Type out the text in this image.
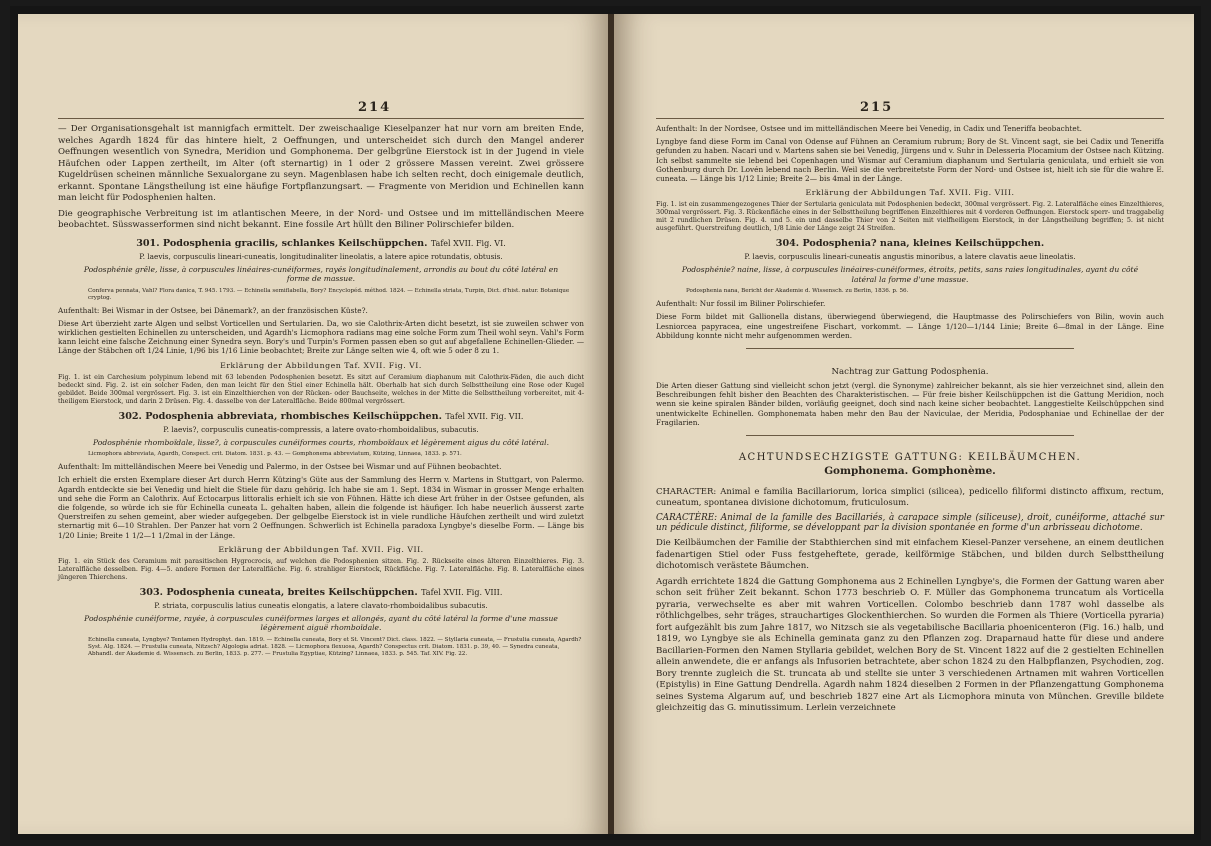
214

— Der Organisationsgehalt ist mannigfach ermittelt. Der zweischaalige Kieselpanzer hat nur vorn am breiten Ende, welches Agardh 1824 für das hintere hielt, 2 Oeffnungen, und unterscheidet sich durch den Mangel anderer Oeffnungen wesentlich von Synedra, Meridion und Gomphonema. Der gelbgrüne Eierstock ist in der Jugend in viele Häufchen oder Lappen zertheilt, im Alter (oft sternartig) in 1 oder 2 grössere Massen vereint. Zwei grössere Kugeldrüsen scheinen männliche Sexualorgane zu seyn. Magenblasen habe ich selten recht, doch einigemale deutlich, erkannt. Spontane Längstheilung ist eine häufige Fortpflanzungsart. — Fragmente von Meridion und Echinellen kann man leicht für Podosphenien halten.

Die geographische Verbreitung ist im atlantischen Meere, in der Nord- und Ostsee und im mittelländischen Meere beobachtet. Süsswasserformen sind nicht bekannt. Eine fossile Art hüllt den Biliner Polirschiefer bilden.

301. Podosphenia gracilis, schlankes Keilschüppchen. Tafel XVII. Fig. VI.

P. laevis, corpusculis lineari-cuneatis, longitudinaliter lineolatis, a latere apice rotundatis, obtusis.

Podosphénie grêle, lisse, à corpuscules linéaires-cunéiformes, rayés longitudinalement, arrondis au bout du côté latéral en forme de massue.
Conferva pennata, Vahl? Flora danica, T. 945. 1793. — Echinella semiflabella, Bory? Encyclopéd. méthod. 1824. — Echinella striata, Turpin, Dict. d'hist. natur. Botanique cryptog.

Aufenthalt: Bei Wismar in der Ostsee, bei Dänemark?, an der französischen Küste?.

Diese Art überzieht zarte Algen und selbst Vorticellen und Sertularien. Da, wo sie Calothrix-Arten dicht besetzt, ist sie zuweilen schwer von wirklichen gestielten Echinellen zu unterscheiden, und Agardh's Licmophora radians mag eine solche Form zum Theil wohl seyn. Vahl's Form kann leicht eine falsche Zeichnung einer Synedra seyn. Bory's und Turpin's Formen passen eben so gut auf abgefallene Echinellen-Glieder. — Länge der Stäbchen oft 1/24 Linie, 1/96 bis 1/16 Linie beobachtet; Breite zur Länge selten wie 4, oft wie 5 oder 8 zu 1.

Erklärung der Abbildungen Taf. XVII. Fig. VI.

Fig. 1. ist ein Carchesium polypinum lebend mit 63 lebenden Podosphenien besetzt. Es sitzt auf Ceramium diaphanum mit Calothrix-Fäden, die auch dicht bedeckt sind. Fig. 2. ist ein solcher Faden, den man leicht für den Stiel einer Echinella hält. Oberhalb hat sich durch Selbsttheilung eine Rose oder Kugel gebildet. Beide 300mal vergrössert. Fig. 3. ist ein Einzelthierchen von der Rücken- oder Bauchseite, welches in der Mitte die Selbsttheilung vorbereitet, mit 4-theiligem Eierstock, und darin 2 Drüsen. Fig. 4. dasselbe von der Lateralfläche. Beide 800mal vergrössert.

302. Podosphenia abbreviata, rhombisches Keilschüppchen. Tafel XVII. Fig. VII.

P. laevis?, corpusculis cuneatis-compressis, a latere ovato-rhomboidalibus, subacutis.

Podosphénie rhomboïdale, lisse?, à corpuscules cunéiformes courts, rhomboïdaux et légèrement aigus du côté latéral.
Licmophora abbreviata, Agardh, Conspect. crit. Diatom. 1831. p. 43. — Gomphonema abbreviatum, Kützing, Linnaea, 1833. p. 571.

Aufenthalt: Im mittelländischen Meere bei Venedig und Palermo, in der Ostsee bei Wismar und auf Fühnen beobachtet.

Ich erhielt die ersten Exemplare dieser Art durch Herrn Kützing's Güte aus der Sammlung des Herrn v. Martens in Stuttgart, von Palermo. Agardh entdeckte sie bei Venedig und hielt die Stiele für dazu gehörig. Ich habe sie am 1. Sept. 1834 in Wismar in grosser Menge erhalten und sehe die Form an Calothrix. Auf Ectocarpus littoralis erhielt ich sie von Fühnen. Hätte ich diese Art früher in der Ostsee gefunden, als die folgende, so würde ich sie für Echinella cuneata L. gehalten haben, allein die folgende ist häufiger. Ich habe neuerlich äusserst zarte Querstreifen zu sehen gemeint, aber wieder aufgegeben. Der gelbgelbe Eierstock ist in viele rundliche Häufchen zertheilt und wird zuletzt sternartig mit 6—10 Strahlen. Der Panzer hat vorn 2 Oeffnungen. Schwerlich ist Echinella paradoxa Lyngbye's dieselbe Form. — Länge bis 1/20 Linie; Breite 1 1/2—1 1/2mal in der Länge.

Erklärung der Abbildungen Taf. XVII. Fig. VII.

Fig. 1. ein Stück des Ceramium mit parasitischen Hygrocrocis, auf welchen die Podosphenien sitzen. Fig. 2. Rückseite eines älteren Einzelthieres. Fig. 3. Lateralfläche desselben. Fig. 4—5. andere Formen der Lateralfläche. Fig. 6. strahliger Eierstock, Rückfläche. Fig. 7. Lateralfläche. Fig. 8. Lateralfläche eines jüngeren Thierchens.

303. Podosphenia cuneata, breites Keilschüppchen. Tafel XVII. Fig. VIII.

P. striata, corpusculis latius cuneatis elongatis, a latere clavato-rhomboidalibus subacutis.

Podosphénie cunéiforme, rayée, à corpuscules cunéiformes larges et allongés, ayant du côté latéral la forme d'une massue légèrement aiguë rhomboïdale.
Echinella cuneata, Lyngbye? Tentamen Hydrophyt. dan. 1819. — Echinella cuneata, Bory et St. Vincent? Dict. class. 1822. — Styllaria cuneata, — Frustulia cuneata, Agardh? Syst. Alg. 1824. — Frustulia cuneata, Nitzsch? Algologia adriat. 1828. — Licmophora flexuosa, Agardh? Conspectus crit. Diatom. 1831. p. 39, 40. — Synedra cuneata, Abhandl. der Akademie d. Wissensch. zu Berlin, 1833. p. 277. — Frustulia Egyptiae, Kützing? Linnaea, 1833. p. 545. Taf. XIV. Fig. 22.
215

Aufenthalt: In der Nordsee, Ostsee und im mittelländischen Meere bei Venedig, in Cadix und Teneriffa beobachtet.

Lyngbye fand diese Form im Canal von Odense auf Fühnen an Ceramium rubrum; Bory de St. Vincent sagt, sie bei Cadix und Teneriffa gefunden zu haben. Nacari und v. Martens sahen sie bei Venedig, Jürgens und v. Suhr in Delesseria Plocamium der Ostsee nach Kützing. Ich selbst sammelte sie lebend bei Copenhagen und Wismar auf Ceramium diaphanum und Sertularia geniculata, und erhielt sie von Gothenburg durch Dr. Lovén lebend nach Berlin. Weil sie die verbreitetste Form der Nord- und Ostsee ist, hielt ich sie für die wahre E. cuneata. — Länge bis 1/12 Linie; Breite 2— bis 4mal in der Länge.

Erklärung der Abbildungen Taf. XVII. Fig. VIII.

Fig. 1. ist ein zusammengezogenes Thier der Sertularia geniculata mit Podosphenien bedeckt, 300mal vergrössert. Fig. 2. Lateralfläche eines Einzelthieres, 300mal vergrössert. Fig. 3. Rückenfläche eines in der Selbsttheilung begriffenen Einzelthieres mit 4 vorderen Oeffnungen. Eierstock sperr- und traggabelig mit 2 rundlichen Drüsen. Fig. 4. und 5. ein und dasselbe Thier von 2 Seiten mit vielfheiligem Eierstock, in der Längstheilung begriffen; 5. ist nicht ausgeführt. Querstreifung deutlich, 1/8 Linie der Länge zeigt 24 Streifen.

304. Podosphenia? nana, kleines Keilschüppchen.

P. laevis, corpusculis lineari-cuneatis angustis minoribus, a latere clavatis aeue lineolatis.

Podosphénie? naine, lisse, à corpuscules linéaires-cunéiformes, étroits, petits, sans raies longitudinales, ayant du côté latéral la forme d'une massue.
Podosphenia nana, Bericht der Akademie d. Wissensch. zu Berlin, 1836. p. 56.

Aufenthalt: Nur fossil im Biliner Polirschiefer.

Diese Form bildet mit Gallionella distans, überwiegend überwiegend, die Hauptmasse des Polirschiefers von Bilin, wovin auch Lesniorcea papyracea, eine ungestreifene Fischart, vorkommt. — Länge 1/120—1/144 Linie; Breite 6—8mal in der Länge. Eine Abbildung konnte nicht mehr aufgenommen werden.

Nachtrag zur Gattung Podosphenia.

Die Arten dieser Gattung sind vielleicht schon jetzt (vergl. die Synonyme) zahlreicher bekannt, als sie hier verzeichnet sind, allein den Beschreibungen fehlt bisher den Beachten des Charakteristischen. — Für freie bisher Keilschüppchen ist die Gattung Meridion, noch wenn sie keine spiralen Bänder bilden, vorläufig geeignet, doch sind nach keine sicher beobachtet. Langgestielte Keilschüppchen sind unentwickelte Echinellen. Gomphonemata haben mehr den Bau der Naviculae, der Meridia, Podosphaniae und Echinellae der der Fragilarien.

ACHTUNDSECHZIGSTE GATTUNG: KEILBÄUMCHEN.
Gomphonema. Gomphonème.

CHARACTER: Animal e familia Bacillariorum, lorica simplici (silicea), pedicello filiformi distincto affixum, rectum, cuneatum, spontanea divisione dichotomum, fruticulosum.

CARACTÈRE: Animal de la famille des Bacillariés, à carapace simple (siliceuse), droit, cunéiforme, attaché sur un pédicule distinct, filiforme, se développant par la division spontanée en forme d'un arbrisseau dichotome.

Die Keilbäumchen der Familie der Stabthierchen sind mit einfachem Kiesel-Panzer versehene, an einem deutlichen fadenartigen Stiel oder Fuss festgeheftete, gerade, keilförmige Stäbchen, und bilden durch Selbsttheilung dichotomisch verästete Bäumchen.

Agardh errichtete 1824 die Gattung Gomphonema aus 2 Echinellen Lyngbye's, die Formen der Gattung waren aber schon seit früher Zeit bekannt. Schon 1773 beschrieb O. F. Müller das Gomphonema truncatum als Vorticella pyraria, verwechselte es aber mit wahren Vorticellen. Colombo beschrieb dann 1787 wohl dasselbe als röthlichgelbes, sehr träges, strauchartiges Glockenthierchen. So wurden die Formen als Thiere (Vorticella pyraria) fort aufgezählt bis zum Jahre 1817, wo Nitzsch sie als vegetabilische Bacillaria phoenicenteron (Fig. 16.) halb, und 1819, wo Lyngbye sie als Echinella geminata ganz zu den Pflanzen zog. Draparnaud hatte für diese und andere Bacillarien-Formen den Namen Styllaria gebildet, welchen Bory de St. Vincent 1822 auf die 2 gestielten Echinellen allein anwendete, die er anfangs als Infusorien betrachtete, aber schon 1824 zu den Halbpflanzen, Psychodien, zog. Bory trennte zugleich die St. truncata ab und stellte sie unter 3 verschiedenen Artnamen mit wahren Vorticellen (Epistylis) in Eine Gattung Dendrella. Agardh nahm 1824 dieselben 2 Formen in der Pflanzengattung Gomphonema seines Systema Algarum auf, und beschrieb 1827 eine Art als Licmophora minuta von München. Greville bildete gleichzeitig das G. minutissimum. Lerlein verzeichnete
